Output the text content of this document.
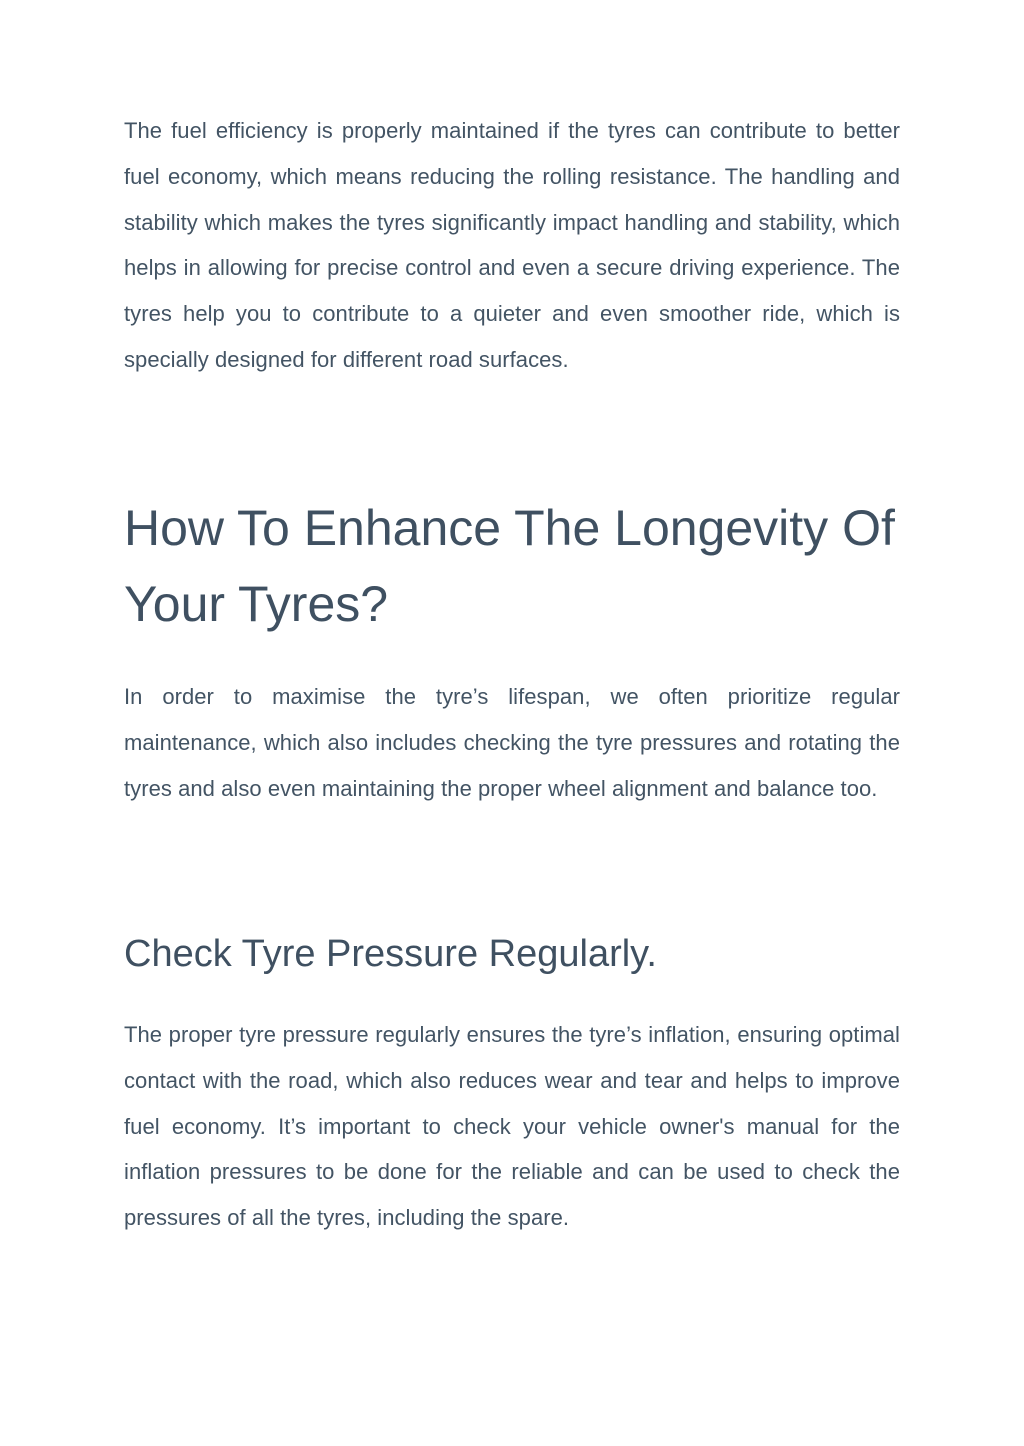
The fuel efficiency is properly maintained if the tyres can contribute to better fuel economy, which means reducing the rolling resistance. The handling and stability which makes the tyres significantly impact handling and stability, which helps in allowing for precise control and even a secure driving experience. The tyres help you to contribute to a quieter and even smoother ride, which is specially designed for different road surfaces.

How To Enhance The Longevity Of Your Tyres?

In order to maximise the tyre’s lifespan, we often prioritize regular maintenance, which also includes checking the tyre pressures and rotating the tyres and also even maintaining the proper wheel alignment and balance too.

Check Tyre Pressure Regularly.

The proper tyre pressure regularly ensures the tyre’s inflation, ensuring optimal contact with the road, which also reduces wear and tear and helps to improve fuel economy. It’s important to check your vehicle owner's manual for the inflation pressures to be done for the reliable and can be used to check the pressures of all the tyres, including the spare.
